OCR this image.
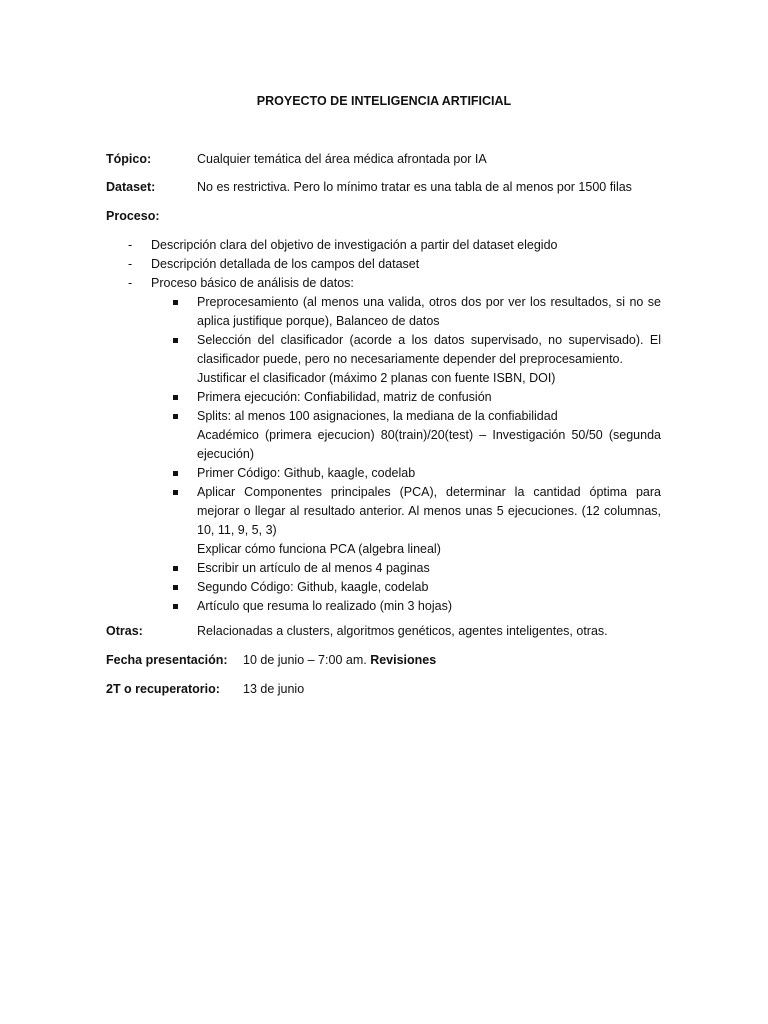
PROYECTO DE INTELIGENCIA ARTIFICIAL
Tópico:	Cualquier temática del área médica afrontada por IA
Dataset:	No es restrictiva. Pero lo mínimo tratar es una tabla de al menos por 1500 filas
Proceso:
- Descripción clara del objetivo de investigación a partir del dataset elegido
- Descripción detallada de los campos del dataset
- Proceso básico de análisis de datos:
Preprocesamiento (al menos una valida, otros dos por ver los resultados, si no se aplica justifique porque), Balanceo de datos
Selección del clasificador (acorde a los datos supervisado, no supervisado). El clasificador puede, pero no necesariamente depender del preprocesamiento.
Justificar el clasificador (máximo 2 planas con fuente ISBN, DOI)
Primera ejecución: Confiabilidad, matriz de confusión
Splits: al menos 100 asignaciones, la mediana de la confiabilidad
Académico (primera ejecucion) 80(train)/20(test) – Investigación 50/50 (segunda ejecución)
Primer Código: Github, kaagle, codelab
Aplicar Componentes principales (PCA), determinar la cantidad óptima para mejorar o llegar al resultado anterior. Al menos unas 5 ejecuciones. (12 columnas, 10, 11, 9, 5, 3)
Explicar cómo funciona PCA (algebra lineal)
Escribir un artículo de al menos 4 paginas
Segundo Código: Github, kaagle, codelab
Artículo que resuma lo realizado (min 3 hojas)
Otras:	Relacionadas a clusters, algoritmos genéticos, agentes inteligentes, otras.
Fecha presentación: 10 de junio – 7:00 am. Revisiones
2T o recuperatorio: 13 de junio
